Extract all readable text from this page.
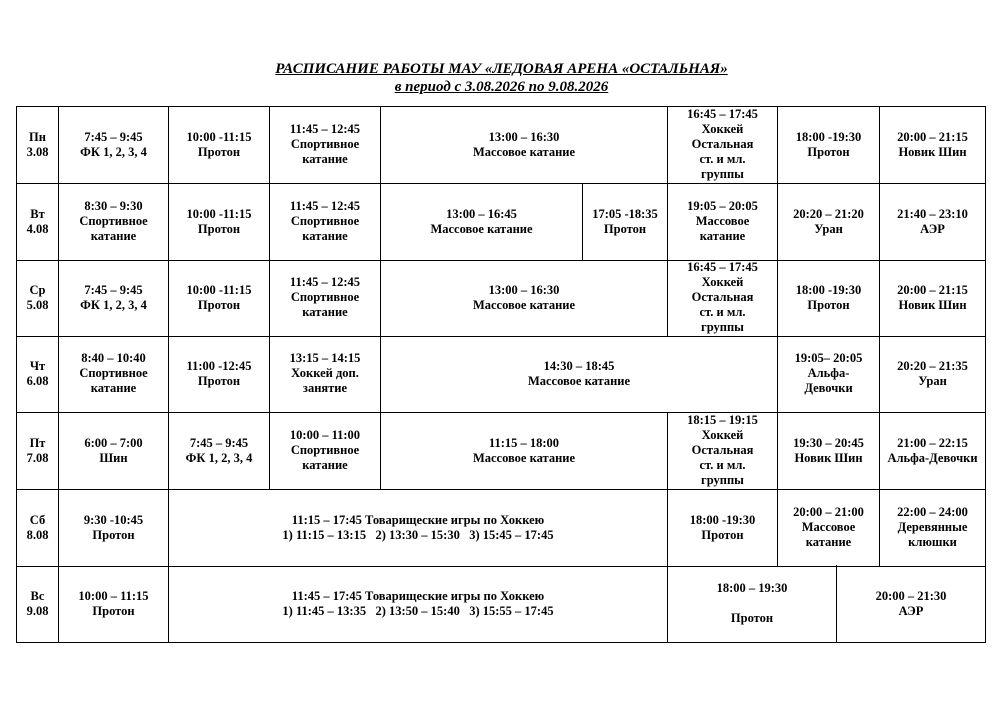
РАСПИСАНИЕ РАБОТЫ МАУ «ЛЕДОВАЯ АРЕНА «ОСТАЛЬНАЯ»
в период с 3.08.2026 по 9.08.2026
Пн
3.08
7:45 – 9:45
ФК 1, 2, 3, 4
10:00 -11:15
Протон
11:45 – 12:45
Спортивное
катание
13:00 – 16:30
Массовое катание
16:45 – 17:45
Хоккей
Остальная
ст. и мл.
группы
18:00 -19:30
Протон
20:00 – 21:15
Новик Шин
Вт
4.08
8:30 – 9:30
Спортивное
катание
10:00 -11:15
Протон
11:45 – 12:45
Спортивное
катание
13:00 – 16:45
Массовое катание
17:05 -18:35
Протон
19:05 – 20:05
Массовое
катание
20:20 – 21:20
Уран
21:40 – 23:10
АЭР
Ср
5.08
7:45 – 9:45
ФК 1, 2, 3, 4
10:00 -11:15
Протон
11:45 – 12:45
Спортивное
катание
13:00 – 16:30
Массовое катание
16:45 – 17:45
Хоккей
Остальная
ст. и мл.
группы
18:00 -19:30
Протон
20:00 – 21:15
Новик Шин
Чт
6.08
8:40 – 10:40
Спортивное
катание
11:00 -12:45
Протон
13:15 – 14:15
Хоккей доп.
занятие
14:30 – 18:45
Массовое катание
19:05– 20:05
Альфа-
Девочки
20:20 – 21:35
Уран
Пт
7.08
6:00 – 7:00
Шин
7:45 – 9:45
ФК 1, 2, 3, 4
10:00 – 11:00
Спортивное
катание
11:15 – 18:00
Массовое катание
18:15 – 19:15
Хоккей
Остальная
ст. и мл.
группы
19:30 – 20:45
Новик Шин
21:00 – 22:15
Альфа-Девочки
Сб
8.08
9:30 -10:45
Протон
11:15 – 17:45 Товарищеские игры по Хоккею
1) 11:15 – 13:15   2) 13:30 – 15:30   3) 15:45 – 17:45
18:00 -19:30
Протон
20:00 – 21:00
Массовое
катание
22:00 – 24:00
Деревянные
клюшки
Вс
9.08
10:00 – 11:15
Протон
11:45 – 17:45 Товарищеские игры по Хоккею
1) 11:45 – 13:35   2) 13:50 – 15:40   3) 15:55 – 17:45
18:00 – 19:30
Протон
20:00 – 21:30
АЭР
